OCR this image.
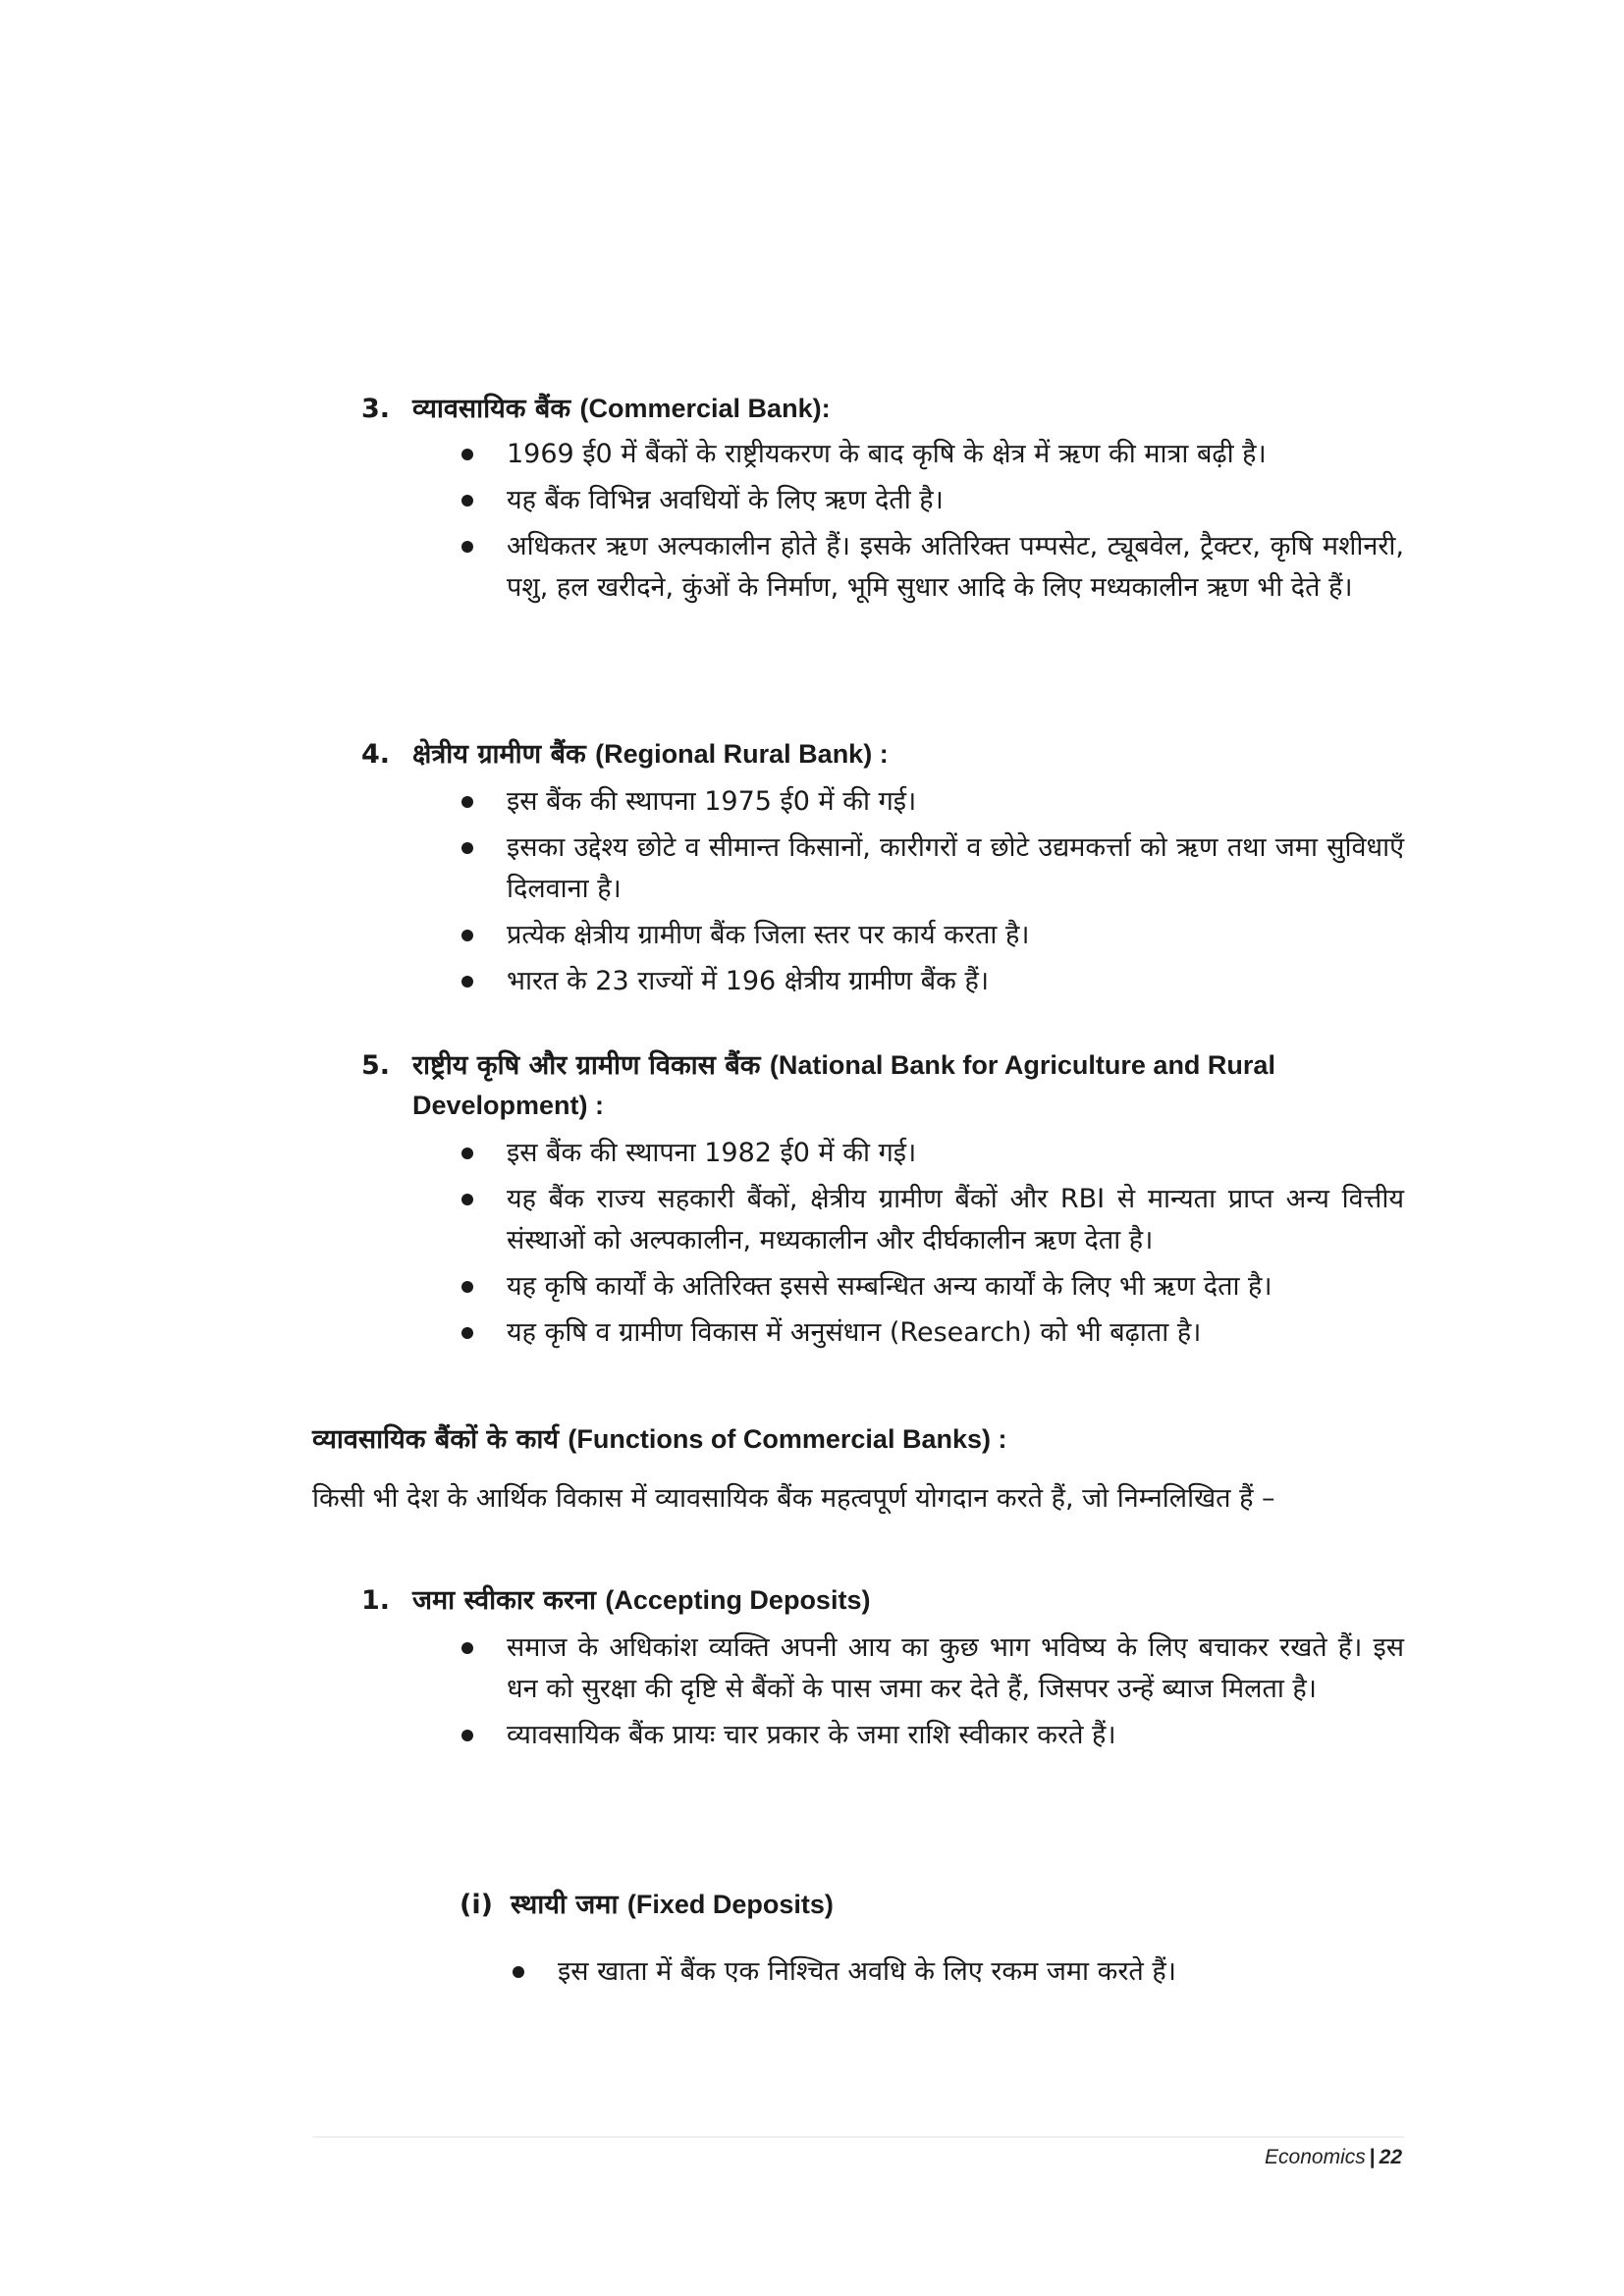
3. व्यावसायिक बैंक (Commercial Bank):
1969 ई0 में बैंकों के राष्ट्रीयकरण के बाद कृषि के क्षेत्र में ऋण की मात्रा बढ़ी है।
यह बैंक विभिन्न अवधियों के लिए ऋण देती है।
अधिकतर ऋण अल्पकालीन होते हैं। इसके अतिरिक्त पम्पसेट, ट्यूबवेल, ट्रैक्टर, कृषि मशीनरी, पशु, हल खरीदने, कुंओं के निर्माण, भूमि सुधार आदि के लिए मध्यकालीन ऋण भी देते हैं।
4. क्षेत्रीय ग्रामीण बैंक (Regional Rural Bank) :
इस बैंक की स्थापना 1975 ई0 में की गई।
इसका उद्देश्य छोटे व सीमान्त किसानों, कारीगरों व छोटे उद्यमकर्त्ता को ऋण तथा जमा सुविधाएँ दिलवाना है।
प्रत्येक क्षेत्रीय ग्रामीण बैंक जिला स्तर पर कार्य करता है।
भारत के 23 राज्यों में 196 क्षेत्रीय ग्रामीण बैंक हैं।
5. राष्ट्रीय कृषि और ग्रामीण विकास बैंक (National Bank for Agriculture and Rural
Development) :
इस बैंक की स्थापना 1982 ई0 में की गई।
यह बैंक राज्य सहकारी बैंकों, क्षेत्रीय ग्रामीण बैंकों और RBI से मान्यता प्राप्त अन्य वित्तीय संस्थाओं को अल्पकालीन, मध्यकालीन और दीर्घकालीन ऋण देता है।
यह कृषि कार्यों के अतिरिक्त इससे सम्बन्धित अन्य कार्यों के लिए भी ऋण देता है।
यह कृषि व ग्रामीण विकास में अनुसंधान (Research) को भी बढ़ाता है।
व्यावसायिक बैंकों के कार्य (Functions of Commercial Banks) :
किसी भी देश के आर्थिक विकास में व्यावसायिक बैंक महत्वपूर्ण योगदान करते हैं, जो निम्नलिखित हैं –
1. जमा स्वीकार करना (Accepting Deposits)
समाज के अधिकांश व्यक्ति अपनी आय का कुछ भाग भविष्य के लिए बचाकर रखते हैं। इस धन को सुरक्षा की दृष्टि से बैंकों के पास जमा कर देते हैं, जिसपर उन्हें ब्याज मिलता है।
व्यावसायिक बैंक प्रायः चार प्रकार के जमा राशि स्वीकार करते हैं।
(i) स्थायी जमा (Fixed Deposits)
इस खाता में बैंक एक निश्चित अवधि के लिए रकम जमा करते हैं।
Economics | 22
